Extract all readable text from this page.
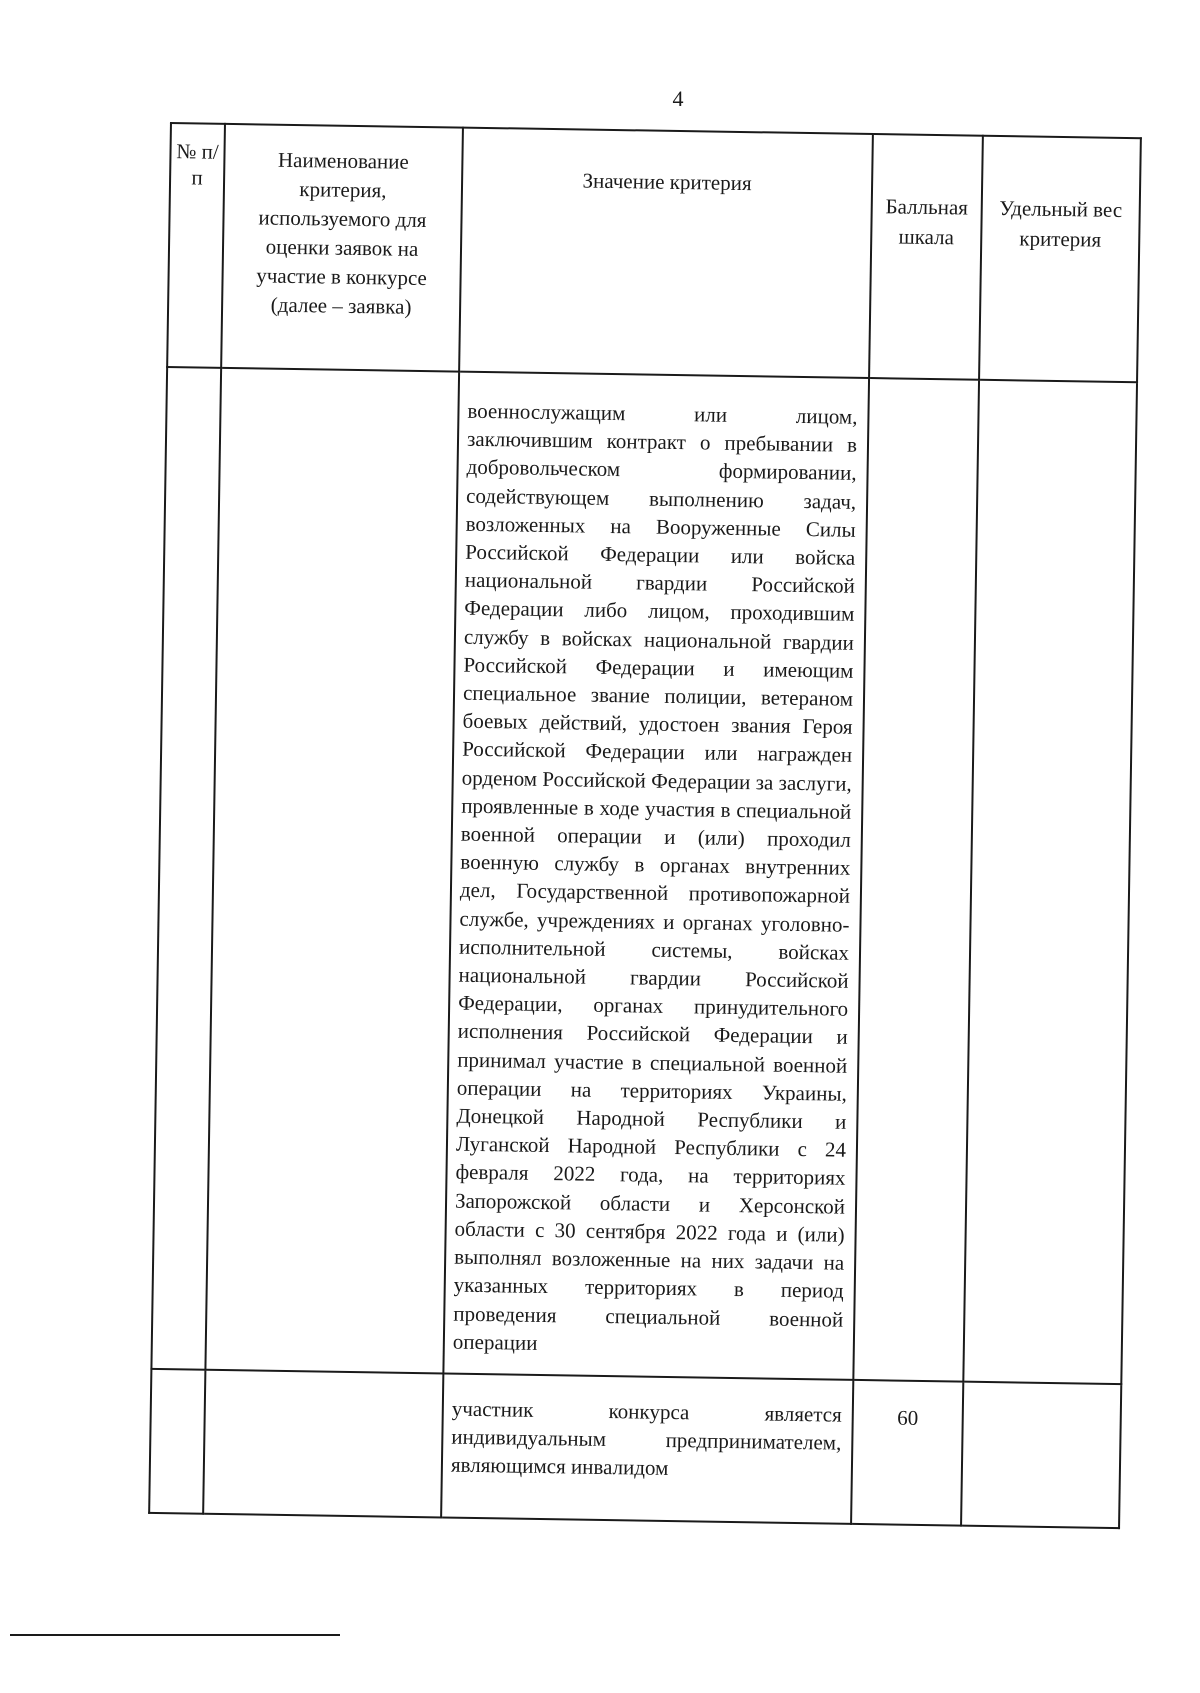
4
№ п/п	Наименование критерия, используемого для оценки заявок на участие в конкурсе (далее – заявка)	Значение критерия	Балльная шкала	Удельный вес критерия

		военнослужащим или лицом, заключившим контракт о пребывании в добровольческом формировании, содействующем выполнению задач, возложенных на Вооруженные Силы Российской Федерации или войска национальной гвардии Российской Федерации либо лицом, проходившим службу в войсках национальной гвардии Российской Федерации и имеющим специальное звание полиции, ветераном боевых действий, удостоен звания Героя Российской Федерации или награжден орденом Российской Федерации за заслуги, проявленные в ходе участия в специальной военной операции и (или) проходил военную службу в органах внутренних дел, Государственной противопожарной службе, учреждениях и органах уголовно-исполнительной системы, войсках национальной гвардии Российской Федерации, органах принудительного исполнения Российской Федерации и принимал участие в специальной военной операции на территориях Украины, Донецкой Народной Республики и Луганской Народной Республики с 24 февраля 2022 года, на территориях Запорожской области и Херсонской области с 30 сентября 2022 года и (или) выполнял возложенные на них задачи на указанных территориях в период проведения специальной военной операции		

		участник конкурса является индивидуальным предпринимателем, являющимся инвалидом	60	
